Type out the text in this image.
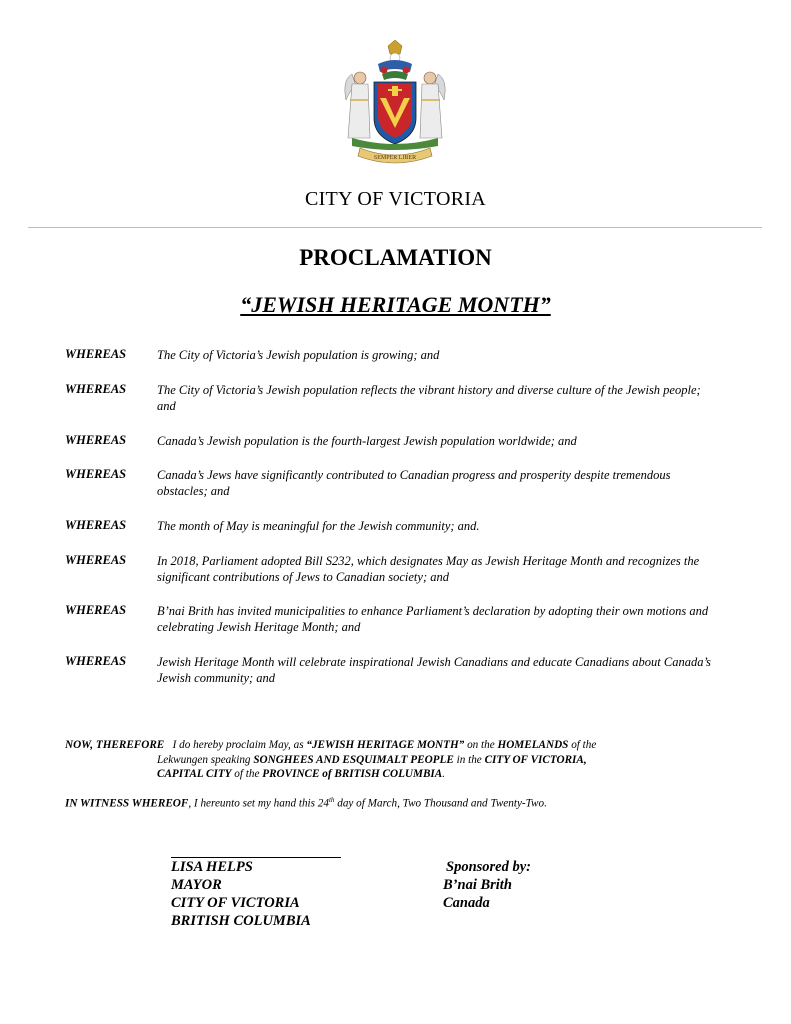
SEMPER LIBER
CITY OF VICTORIA
PROCLAMATION
“JEWISH HERITAGE MONTH”
WHEREAS The City of Victoria’s Jewish population is growing; and
WHEREAS The City of Victoria’s Jewish population reflects the vibrant history and diverse culture of the Jewish people; and
WHEREAS Canada’s Jewish population is the fourth-largest Jewish population worldwide; and
WHEREAS Canada’s Jews have significantly contributed to Canadian progress and prosperity despite tremendous obstacles; and
WHEREAS The month of May is meaningful for the Jewish community; and.
WHEREAS In 2018, Parliament adopted Bill S232, which designates May as Jewish Heritage Month and recognizes the significant contributions of Jews to Canadian society; and
WHEREAS B’nai Brith has invited municipalities to enhance Parliament’s declaration by adopting their own motions and celebrating Jewish Heritage Month; and
WHEREAS Jewish Heritage Month will celebrate inspirational Jewish Canadians and educate Canadians about Canada’s Jewish community; and
NOW, THEREFORE I do hereby proclaim May, as “JEWISH HERITAGE MONTH” on the HOMELANDS of the
Lekwungen speaking SONGHEES AND ESQUIMALT PEOPLE in the CITY OF VICTORIA,
CAPITAL CITY of the PROVINCE of BRITISH COLUMBIA.
IN WITNESS WHEREOF, I hereunto set my hand this 24th day of March, Two Thousand and Twenty-Two.
LISA HELPS
MAYOR
CITY OF VICTORIA
BRITISH COLUMBIA
Sponsored by:
B’nai Brith
Canada
